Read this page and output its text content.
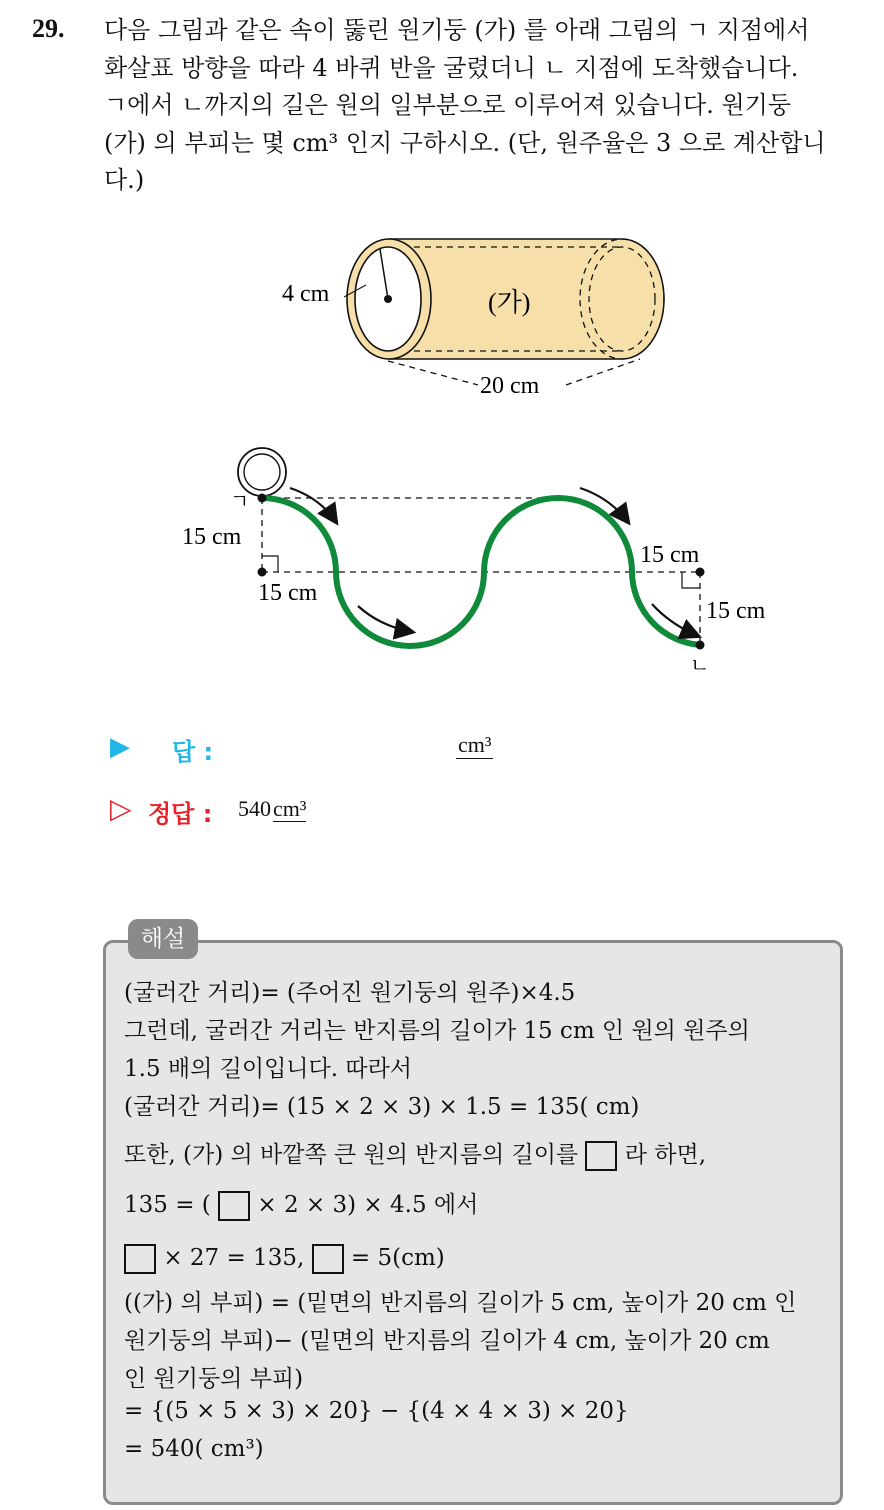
29. 다음 그림과 같은 속이 뚫린 원기둥 (가) 를 아래 그림의 ㄱ 지점에서
화살표 방향을 따라 4 바퀴 반을 굴렸더니 ㄴ 지점에 도착했습니다.
ㄱ에서 ㄴ까지의 길은 원의 일부분으로 이루어져 있습니다. 원기둥
(가) 의 부피는 몇 cm³ 인지 구하시오. (단, 원주율은 3 으로 계산합니
다.)
4 cm	(가)
20 cm
ㄱ
ㄴ
15 cm
15 cm
15 cm
15 cm
▶ 답 :	cm³
▷ 정답 : 540cm³
해설
(굴러간 거리)= (주어진 원기둥의 원주)×4.5
그런데, 굴러간 거리는 반지름의 길이가 15 cm 인 원의 원주의
1.5 배의 길이입니다. 따라서
(굴러간 거리)= (15 × 2 × 3) × 1.5 = 135( cm)
또한, (가) 의 바깥쪽 큰 원의 반지름의 길이를 라 하면,
135 = ( × 2 × 3) × 4.5 에서
× 27 = 135, = 5(cm)
((가) 의 부피) = (밑면의 반지름의 길이가 5 cm, 높이가 20 cm 인
원기둥의 부피)− (밑면의 반지름의 길이가 4 cm, 높이가 20 cm
인 원기둥의 부피)
= {(5 × 5 × 3) × 20} − {(4 × 4 × 3) × 20}
= 540( cm³)
